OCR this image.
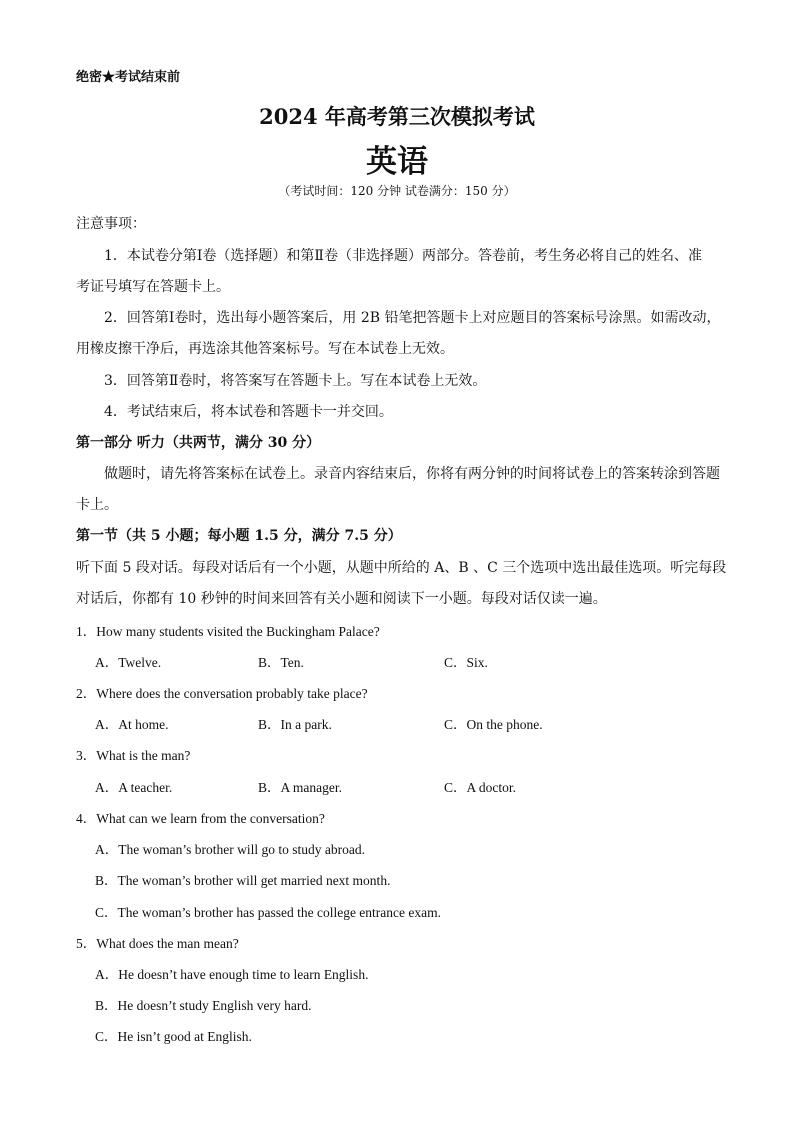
绝密★考试结束前
2024 年高考第三次模拟考试
英语
（考试时间：120 分钟 试卷满分：150 分）
注意事项：
1．本试卷分第Ⅰ卷（选择题）和第Ⅱ卷（非选择题）两部分。答卷前，考生务必将自己的姓名、准
考证号填写在答题卡上。
2．回答第Ⅰ卷时，选出每小题答案后，用 2B 铅笔把答题卡上对应题目的答案标号涂黑。如需改动，
用橡皮擦干净后，再选涂其他答案标号。写在本试卷上无效。
3．回答第Ⅱ卷时，将答案写在答题卡上。写在本试卷上无效。
4．考试结束后，将本试卷和答题卡一并交回。
第一部分 听力（共两节，满分 30 分）
做题时，请先将答案标在试卷上。录音内容结束后，你将有两分钟的时间将试卷上的答案转涂到答题
卡上。
第一节（共 5 小题；每小题 1.5 分，满分 7.5 分）
听下面 5 段对话。每段对话后有一个小题，从题中所给的 A、B 、C 三个选项中选出最佳选项。听完每段
对话后，你都有 10 秒钟的时间来回答有关小题和阅读下一小题。每段对话仅读一遍。
1．How many students visited the Buckingham Palace?
A．Twelve.	B．Ten.	C．Six.
2．Where does the conversation probably take place?
A．At home.	B．In a park.	C．On the phone.
3．What is the man?
A．A teacher.	B．A manager.	C．A doctor.
4．What can we learn from the conversation?
A．The woman’s brother will go to study abroad.
B．The woman’s brother will get married next month.
C．The woman’s brother has passed the college entrance exam.
5．What does the man mean?
A．He doesn’t have enough time to learn English.
B．He doesn’t study English very hard.
C．He isn’t good at English.
